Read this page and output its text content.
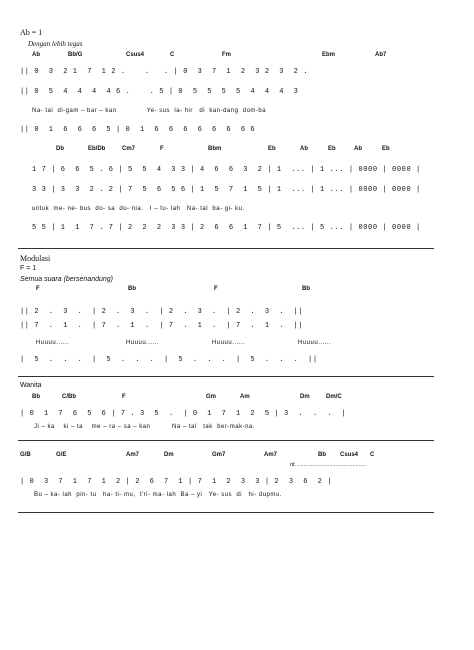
Ab = 1
Dengan lebih tegas
Ab	Bb/G	Csus4	C	Fm	Ebm	Ab7
|| 0  3  2 1  7  1 2 .    .   . | 0  3  7  1  2  3 2  3  2 .
|| 0  5  4  4  4  4 6 .    . 5 | 0  5  5  5  5  4  4  4  3
Na- tal  di-gam – bar – kan              Ye- sus  la- hir   di  kan-dang  dom-ba
|| 0  1  6  6  6  5 | 0  1  6  6  6  6  6  6  6 6
Db	Eb/Db	Cm7	F	Bbm	Eb	Ab	Eb	Ab	Eb
1 7 | 6  6  5 . 6 | 5  5  4  3 3 | 4  6  6  3  2 | 1  ... | 1 ... | 0000 | 0000 |
3 3 | 3  3  2 . 2 | 7  5  6  5 6 | 1  5  7  1  5 | 1  ... | 1 ... | 0000 | 0000 |
untuk  me- ne- bus  do- sa  du- nia.   I – tu- lah   Na- tal  ba- gi- ku.
5 5 | 1  1  7 . 7 | 2  2  2  3 3 | 2  6  6  1  7 | 5  ... | 5 ... | 0000 | 0000 |
Modulasi
F = 1
Semua suara (bersenandung)
F	Bb	F	Bb
|| 2  .  3  .  | 2  .  3  .  | 2  .  3  .  | 2  .  3  .  ||
|| 7  .  1  .  | 7  .  1  .  | 7  .  1  .  | 7  .  1  .  ||
Huuuu......	Huuuu......	Huuuu......	Huuuu......
|  5  .  .  .  |  5  .  .  .  |  5  .  .  .  |  5  .  .  .  ||
Wanita
Bb	C/Bb	F	Gm	Am	Dm	Dm/C
| 0  1  7  6  5  6 | 7 . 3  5  .  | 0  1  7  1  2  5 | 3  .  .  .  |
Ji – ka    ki – ta    me – ra – sa – kan          Na – tal   tak  ber-mak-na.
G/B	G/E	Am7	Dm	Gm7	Am7	Bb Csus4 C
rit. .............................................
| 0  3  7  1  7  1  2 | 2  6  7  1 | 7  1  2  3  3 | 2  3  6  2 |
Bu – ka- lah  pin- tu   ha- ti- mu,  t'ri- ma- lah  Ba – yi   Ye- sus  di   hi- dupmu.
